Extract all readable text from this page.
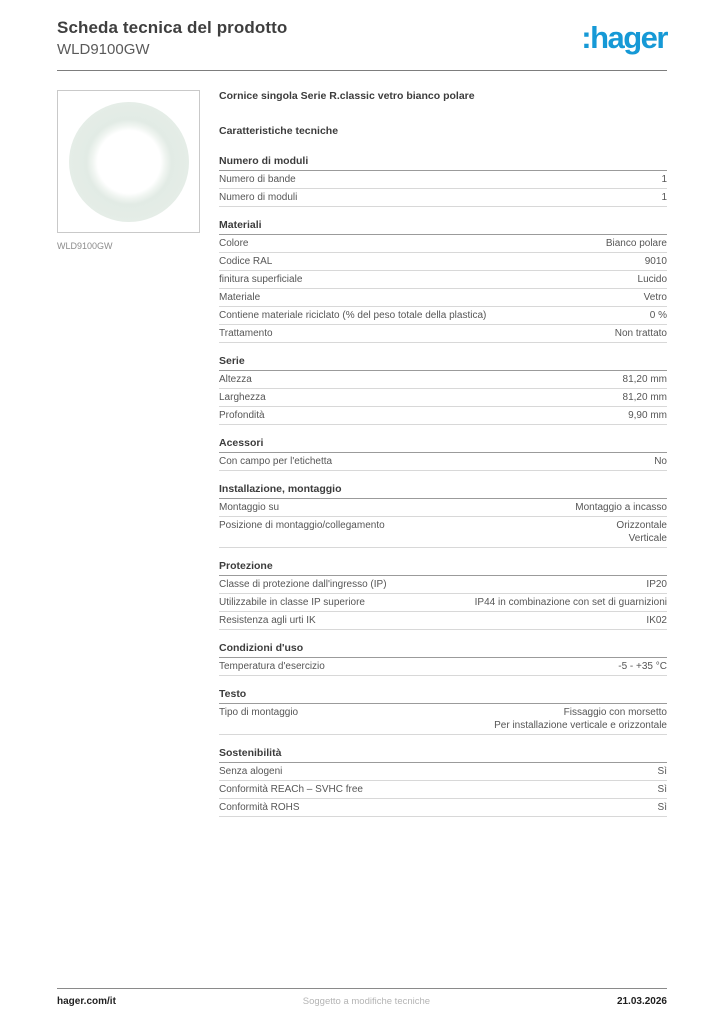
Scheda tecnica del prodotto
WLD9100GW	:hager
WLD9100GW
Cornice singola Serie R.classic vetro bianco polare
Caratteristiche tecniche
Numero di moduli
Numero di bande	1
Numero di moduli	1
Materiali
Colore	Bianco polare
Codice RAL	9010
finitura superficiale	Lucido
Materiale	Vetro
Contiene materiale riciclato (% del peso totale della plastica)	0 %
Trattamento	Non trattato
Serie
Altezza	81,20 mm
Larghezza	81,20 mm
Profondità	9,90 mm
Acessori
Con campo per l'etichetta	No
Installazione, montaggio
Montaggio su	Montaggio a incasso
Posizione di montaggio/collegamento	Orizzontale
Verticale
Protezione
Classe di protezione dall'ingresso (IP)	IP20
Utilizzabile in classe IP superiore	IP44 in combinazione con set di guarnizioni
Resistenza agli urti IK	IK02
Condizioni d'uso
Temperatura d'esercizio	-5 - +35 °C
Testo
Tipo di montaggio	Fissaggio con morsetto
Per installazione verticale e orizzontale
Sostenibilità
Senza alogeni	Sì
Conformità REACh – SVHC free	Sì
Conformità ROHS	Sì
hager.com/it	Soggetto a modifiche tecniche	21.03.2026
